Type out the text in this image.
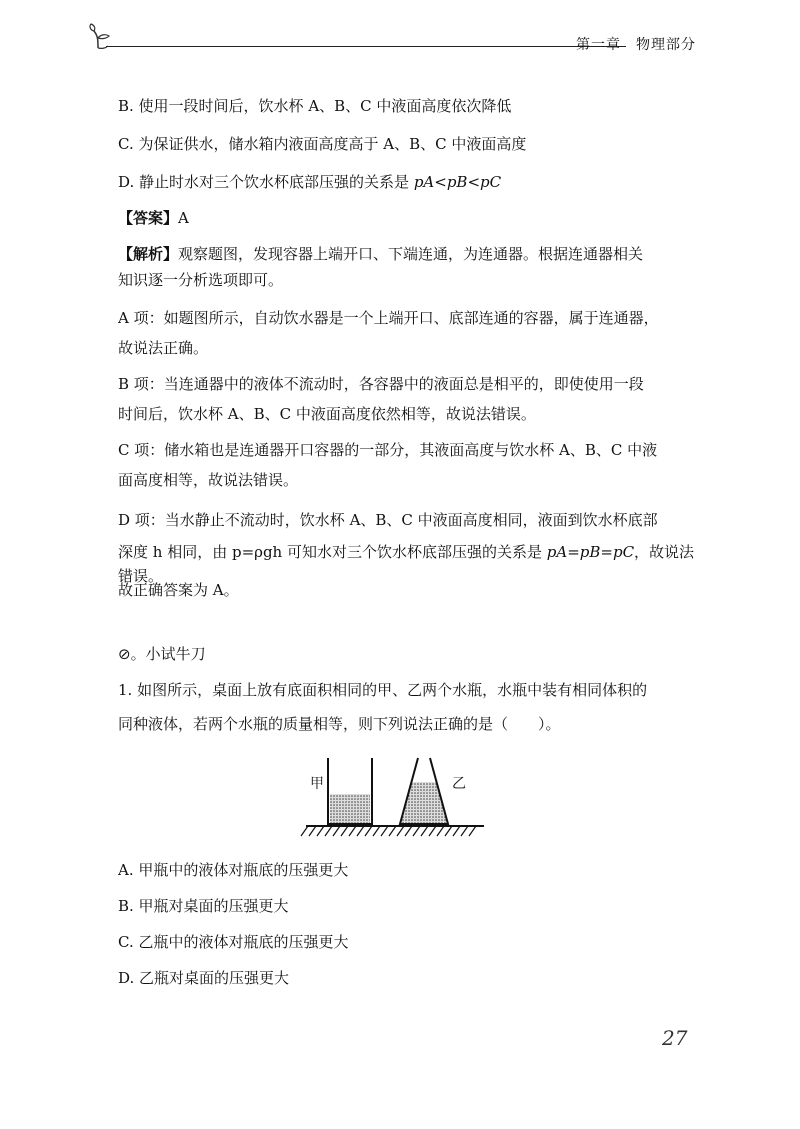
第一章　物理部分
B. 使用一段时间后，饮水杯 A、B、C 中液面高度依次降低
C. 为保证供水，储水箱内液面高度高于 A、B、C 中液面高度
D. 静止时水对三个饮水杯底部压强的关系是 pA<pB<pC
【答案】A
【解析】观察题图，发现容器上端开口、下端连通，为连通器。根据连通器相关
知识逐一分析选项即可。
A 项：如题图所示，自动饮水器是一个上端开口、底部连通的容器，属于连通器，
故说法正确。
B 项：当连通器中的液体不流动时，各容器中的液面总是相平的，即使使用一段
时间后，饮水杯 A、B、C 中液面高度依然相等，故说法错误。
C 项：储水箱也是连通器开口容器的一部分，其液面高度与饮水杯 A、B、C 中液
面高度相等，故说法错误。
D 项：当水静止不流动时，饮水杯 A、B、C 中液面高度相同，液面到饮水杯底部
深度 h 相同，由 p=ρgh 可知水对三个饮水杯底部压强的关系是 pA=pB=pC，故说法错误。
故正确答案为 A。
⊘。小试牛刀
1. 如图所示，桌面上放有底面积相同的甲、乙两个水瓶，水瓶中装有相同体积的
同种液体，若两个水瓶的质量相等，则下列说法正确的是（　　）。
甲	乙
A. 甲瓶中的液体对瓶底的压强更大
B. 甲瓶对桌面的压强更大
C. 乙瓶中的液体对瓶底的压强更大
D. 乙瓶对桌面的压强更大
27
